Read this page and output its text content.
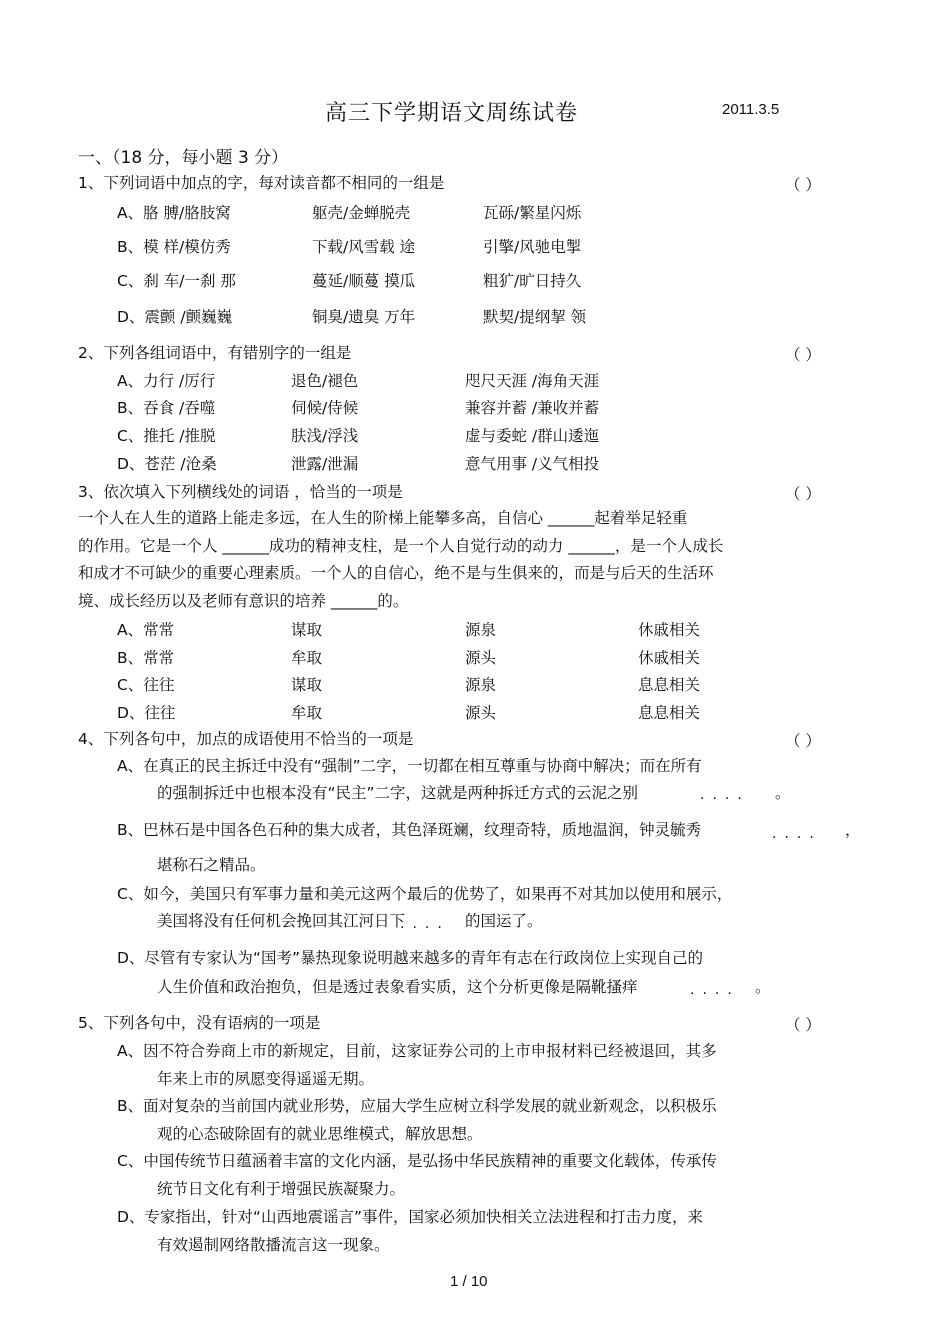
高三下学期语文周练试卷	2011.3.5
一、（18 分，每小题 3 分）
1、下列词语中加点的字，每对读音都不相同的一组是	（ ）
A、胳 膊/胳肢窝	躯壳/金蝉脱壳	瓦砾/繁星闪烁
B、模 样/模仿秀	下载/风雪载 途	引擎/风驰电掣
C、刹 车/一刹 那	蔓延/顺蔓 摸瓜	粗犷/旷日持久
D、震颤 /颤巍巍	铜臭/遗臭 万年	默契/提纲挈 领
2、下列各组词语中，有错别字的一组是	（ ）
A、力行 /厉行	退色/褪色	咫尺天涯 /海角天涯
B、吞食 /吞噬	伺候/侍候	兼容并蓄 /兼收并蓄
C、推托 /推脱	肤浅/浮浅	虚与委蛇 /群山逶迤
D、苍茫 /沧桑	泄露/泄漏	意气用事 /义气相投
3、依次填入下列横线处的词语 ，恰当的一项是	（ ）
一个人在人生的道路上能走多远，在人生的阶梯上能攀多高，自信心 ______起着举足轻重
的作用。它是一个人 ______成功的精神支柱，是一个人自觉行动的动力 ______，是一个人成长
和成才不可缺少的重要心理素质。一个人的自信心，绝不是与生俱来的，而是与后天的生活环
境、成长经历以及老师有意识的培养 ______的。
A、常常	谋取	源泉	休戚相关
B、常常	牟取	源头	休戚相关
C、往往	谋取	源泉	息息相关
D、往往	牟取	源头	息息相关
4、下列各句中，加点的成语使用不恰当的一项是	（ ）
A、在真正的民主拆迁中没有“强制”二字，一切都在相互尊重与协商中解决；而在所有
的强制拆迁中也根本没有“民主”二字，这就是两种拆迁方式的云泥之别	.... 。
B、巴林石是中国各色石种的集大成者，其色泽斑斓，纹理奇特，质地温润，钟灵毓秀	.... ，
堪称石之精品。
C、如今，美国只有军事力量和美元这两个最后的优势了，如果再不对其加以使用和展示，
美国将没有任何机会挽回其江河日下
.... 的国运了。
D、尽管有专家认为“国考”暴热现象说明越来越多的青年有志在行政岗位上实现自己的
人生价值和政治抱负，但是透过表象看实质，这个分析更像是隔靴搔痒	.... 。
5、下列各句中，没有语病的一项是	（ ）
A、因不符合券商上市的新规定，目前，这家证券公司的上市申报材料已经被退回，其多
年来上市的夙愿变得遥遥无期。
B、面对复杂的当前国内就业形势，应届大学生应树立科学发展的就业新观念，以积极乐
观的心态破除固有的就业思维模式，解放思想。
C、中国传统节日蕴涵着丰富的文化内涵，是弘扬中华民族精神的重要文化载体，传承传
统节日文化有利于增强民族凝聚力。
D、专家指出，针对“山西地震谣言”事件，国家必须加快相关立法进程和打击力度，来
有效遏制网络散播流言这一现象。
1 / 10
